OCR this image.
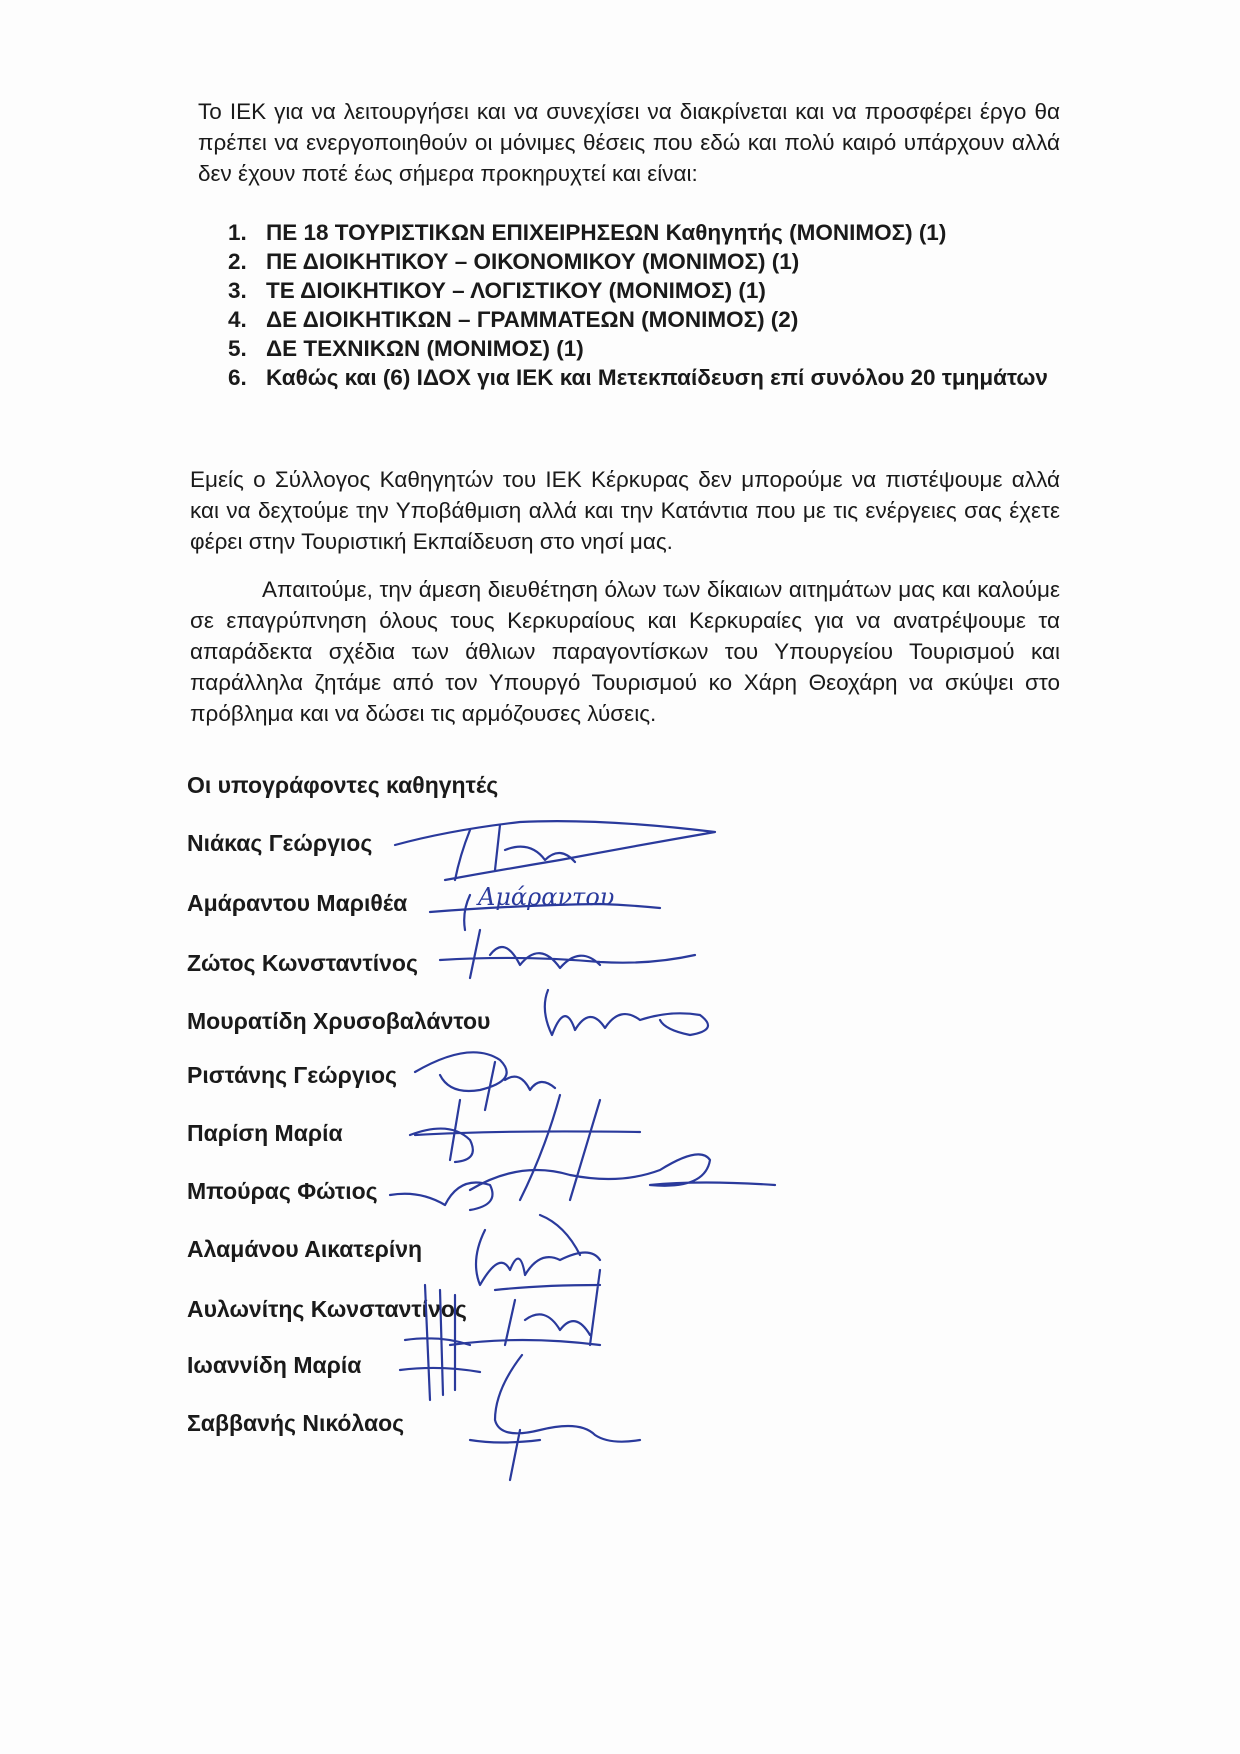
Το ΙΕΚ για να λειτουργήσει και να συνεχίσει να διακρίνεται και να προσφέρει έργο θα πρέπει να ενεργοποιηθούν οι μόνιμες θέσεις που εδώ και πολύ καιρό υπάρχουν αλλά δεν έχουν ποτέ έως σήμερα προκηρυχτεί και είναι:

1. ΠΕ 18 ΤΟΥΡΙΣΤΙΚΩΝ ΕΠΙΧΕΙΡΗΣΕΩΝ Καθηγητής (ΜΟΝΙΜΟΣ) (1)
2. ΠΕ ΔΙΟΙΚΗΤΙΚΟΥ – ΟΙΚΟΝΟΜΙΚΟΥ (ΜΟΝΙΜΟΣ) (1)
3. ΤΕ ΔΙΟΙΚΗΤΙΚΟΥ – ΛΟΓΙΣΤΙΚΟΥ (ΜΟΝΙΜΟΣ) (1)
4. ΔΕ ΔΙΟΙΚΗΤΙΚΩΝ – ΓΡΑΜΜΑΤΕΩΝ (ΜΟΝΙΜΟΣ) (2)
5. ΔΕ ΤΕΧΝΙΚΩΝ (ΜΟΝΙΜΟΣ) (1)
6. Καθώς και (6) ΙΔΟΧ για ΙΕΚ και Μετεκπαίδευση επί συνόλου 20 τμημάτων

Εμείς ο Σύλλογος Καθηγητών του ΙΕΚ Κέρκυρας δεν μπορούμε να πιστέψουμε αλλά και να δεχτούμε την Υποβάθμιση αλλά και την Κατάντια που με τις ενέργειες σας έχετε φέρει στην Τουριστική Εκπαίδευση στο νησί μας.

Απαιτούμε, την άμεση διευθέτηση όλων των δίκαιων αιτημάτων μας και καλούμε σε επαγρύπνηση όλους τους Κερκυραίους και Κερκυραίες για να ανατρέψουμε τα απαράδεκτα σχέδια των άθλιων παραγοντίσκων του Υπουργείου Τουρισμού και παράλληλα ζητάμε από τον Υπουργό Τουρισμού κο Χάρη Θεοχάρη να σκύψει στο πρόβλημα και να δώσει τις αρμόζουσες λύσεις.

Οι υπογράφοντες καθηγητές

Νιάκας Γεώργιος

Αμάραντου Μαριθέα

Ζώτος Κωνσταντίνος

Μουρατίδη Χρυσοβαλάντου

Ριστάνης Γεώργιος

Παρίση Μαρία

Μπούρας Φώτιος

Αλαμάνου Αικατερίνη

Αυλωνίτης Κωνσταντίνος

Ιωαννίδη Μαρία

Σαββανής Νικόλαος

Αμάραντου
